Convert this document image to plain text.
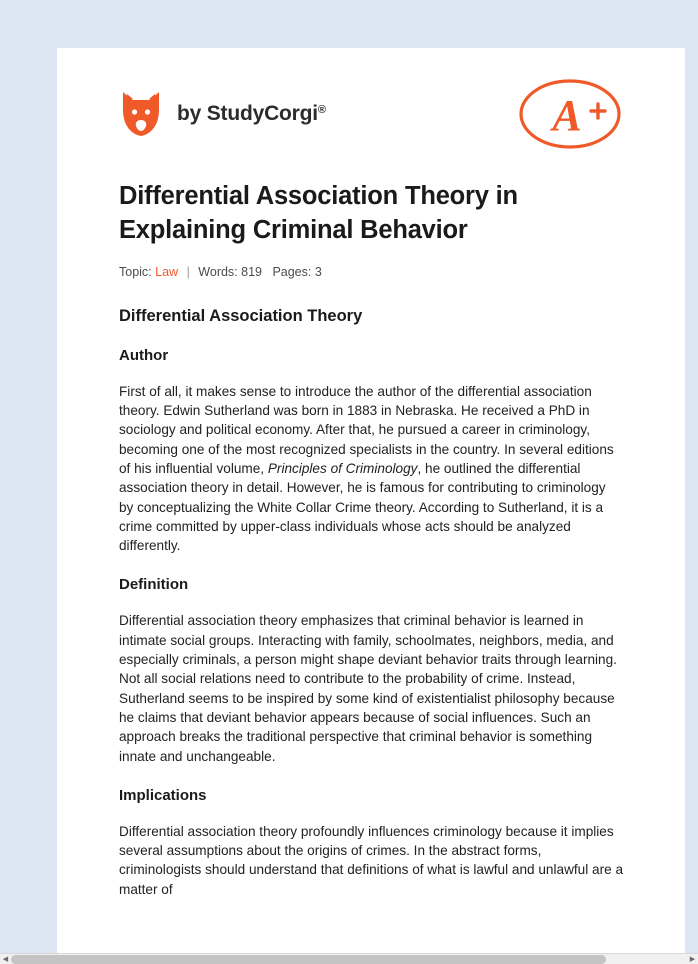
by StudyCorgi®	A
Differential Association Theory in Explaining Criminal Behavior
Topic: Law | Words: 819 Pages: 3
Differential Association Theory
Author

First of all, it makes sense to introduce the author of the differential association theory. Edwin Sutherland was born in 1883 in Nebraska. He received a PhD in sociology and political economy. After that, he pursued a career in criminology, becoming one of the most recognized specialists in the country. In several editions of his influential volume, Principles of Criminology, he outlined the differential association theory in detail. However, he is famous for contributing to criminology by conceptualizing the White Collar Crime theory. According to Sutherland, it is a crime committed by upper-class individuals whose acts should be analyzed differently.

Definition

Differential association theory emphasizes that criminal behavior is learned in intimate social groups. Interacting with family, schoolmates, neighbors, media, and especially criminals, a person might shape deviant behavior traits through learning. Not all social relations need to contribute to the probability of crime. Instead, Sutherland seems to be inspired by some kind of existentialist philosophy because he claims that deviant behavior appears because of social influences. Such an approach breaks the traditional perspective that criminal behavior is something innate and unchangeable.

Implications

Differential association theory profoundly influences criminology because it implies several assumptions about the origins of crimes. In the abstract forms, criminologists should understand that definitions of what is lawful and unlawful are a matter of

◀	▶
